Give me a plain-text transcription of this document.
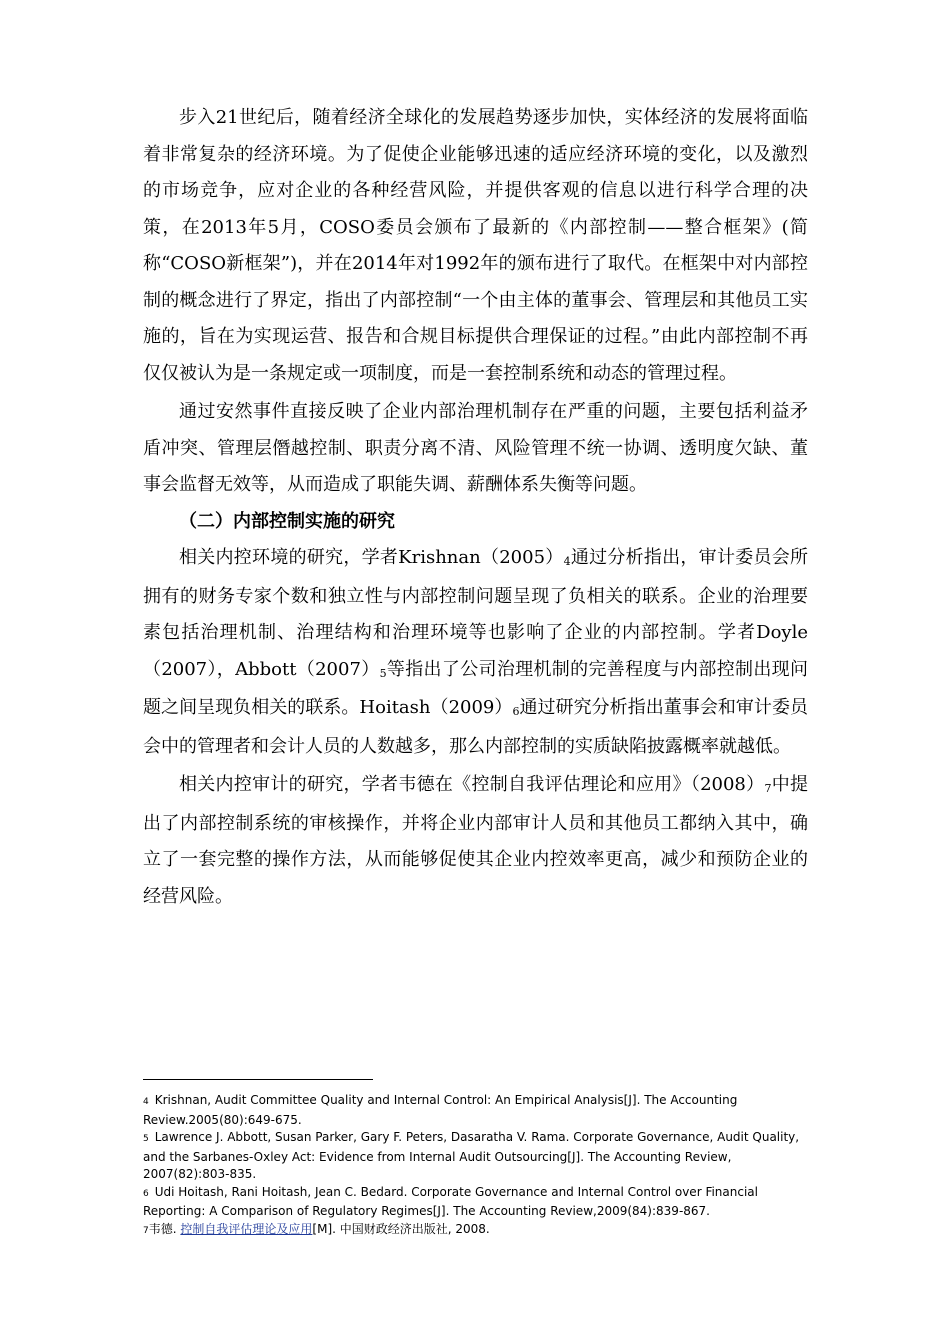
步入21世纪后，随着经济全球化的发展趋势逐步加快，实体经济的发展将面临着非常复杂的经济环境。为了促使企业能够迅速的适应经济环境的变化，以及激烈的市场竞争，应对企业的各种经营风险，并提供客观的信息以进行科学合理的决策，在2013年5月，COSO委员会颁布了最新的《内部控制——整合框架》(简称“COSO新框架”)，并在2014年对1992年的颁布进行了取代。在框架中对内部控制的概念进行了界定，指出了内部控制“一个由主体的董事会、管理层和其他员工实施的，旨在为实现运营、报告和合规目标提供合理保证的过程。”由此内部控制不再仅仅被认为是一条规定或一项制度，而是一套控制系统和动态的管理过程。

通过安然事件直接反映了企业内部治理机制存在严重的问题，主要包括利益矛盾冲突、管理层僭越控制、职责分离不清、风险管理不统一协调、透明度欠缺、董事会监督无效等，从而造成了职能失调、薪酬体系失衡等问题。

（二）内部控制实施的研究

相关内控环境的研究，学者Krishnan（2005）$^4$通过分析指出，审计委员会所拥有的财务专家个数和独立性与内部控制问题呈现了负相关的联系。企业的治理要素包括治理机制、治理结构和治理环境等也影响了企业的内部控制。学者Doyle（2007），Abbott（2007）$^5$等指出了公司治理机制的完善程度与内部控制出现问题之间呈现负相关的联系。Hoitash（2009）$^6$通过研究分析指出董事会和审计委员会中的管理者和会计人员的人数越多，那么内部控制的实质缺陷披露概率就越低。

相关内控审计的研究，学者韦德在《控制自我评估理论和应用》（2008）$^7$中提出了内部控制系统的审核操作，并将企业内部审计人员和其他员工都纳入其中，确立了一套完整的操作方法，从而能够促使其企业内控效率更高，减少和预防企业的经营风险。

4 Krishnan, Audit Committee Quality and Internal Control: An Empirical Analysis[J]. The Accounting Review.2005(80):649-675.

5 Lawrence J. Abbott, Susan Parker, Gary F. Peters, Dasaratha V. Rama. Corporate Governance, Audit Quality, and the Sarbanes-Oxley Act: Evidence from Internal Audit Outsourcing[J]. The Accounting Review, 2007(82):803-835.

6 Udi Hoitash, Rani Hoitash, Jean C. Bedard. Corporate Governance and Internal Control over Financial Reporting: A Comparison of Regulatory Regimes[J]. The Accounting Review,2009(84):839-867.

7韦德. 控制自我评估理论及应用[M]. 中国财政经济出版社, 2008.
